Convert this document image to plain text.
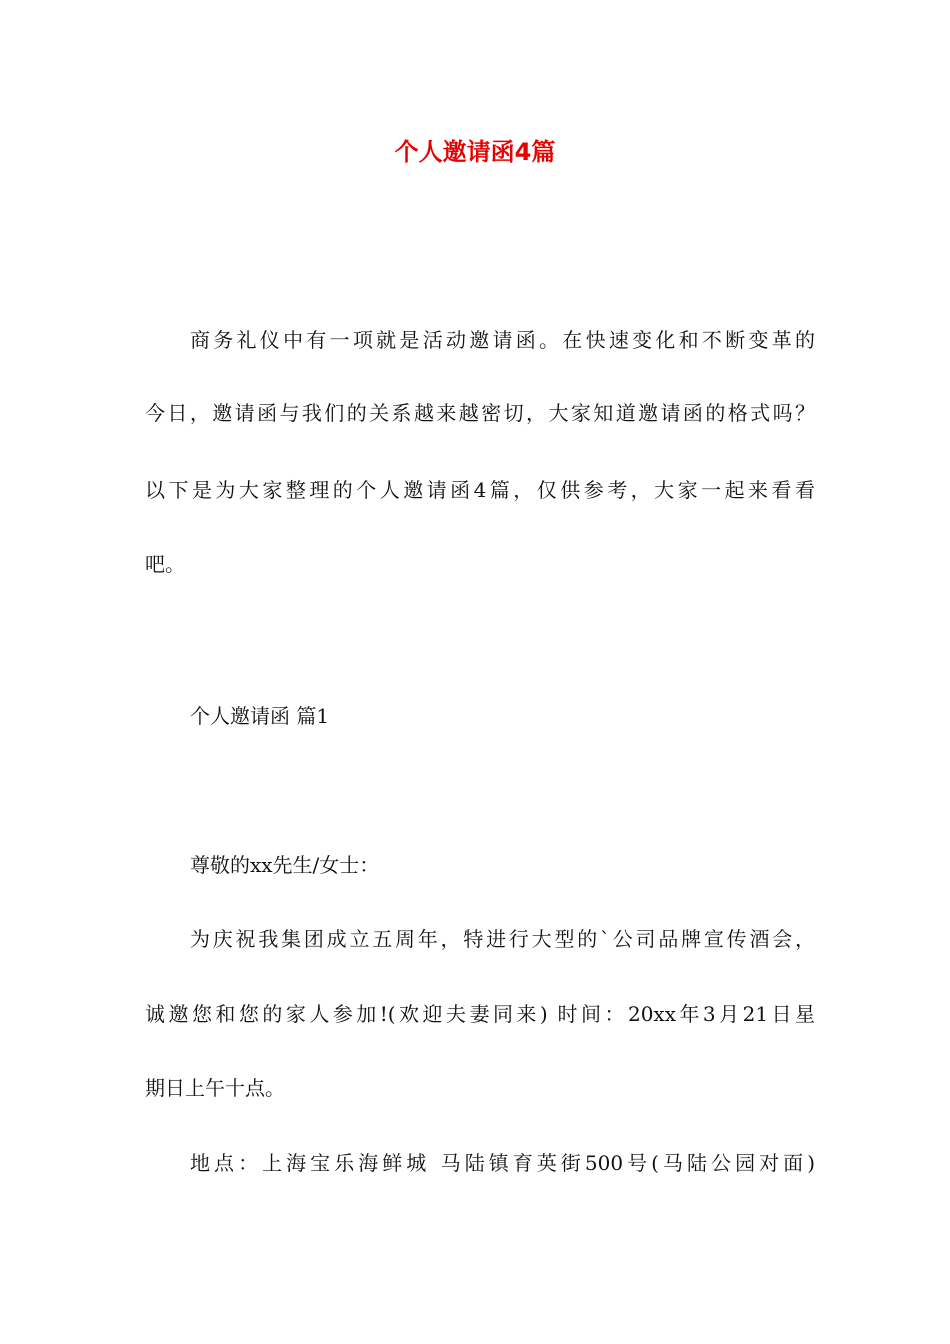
个人邀请函4篇

商务礼仪中有一项就是活动邀请函。在快速变化和不断变革的

今日，邀请函与我们的关系越来越密切，大家知道邀请函的格式吗？

以下是为大家整理的个人邀请函4篇，仅供参考，大家一起来看看

吧。

个人邀请函 篇1

尊敬的xx先生/女士：

为庆祝我集团成立五周年，特进行大型的`公司品牌宣传酒会，

诚邀您和您的家人参加!(欢迎夫妻同来) 时间：20xx年3月21日星

期日上午十点。

地点：上海宝乐海鲜城 马陆镇育英街500号(马陆公园对面)
